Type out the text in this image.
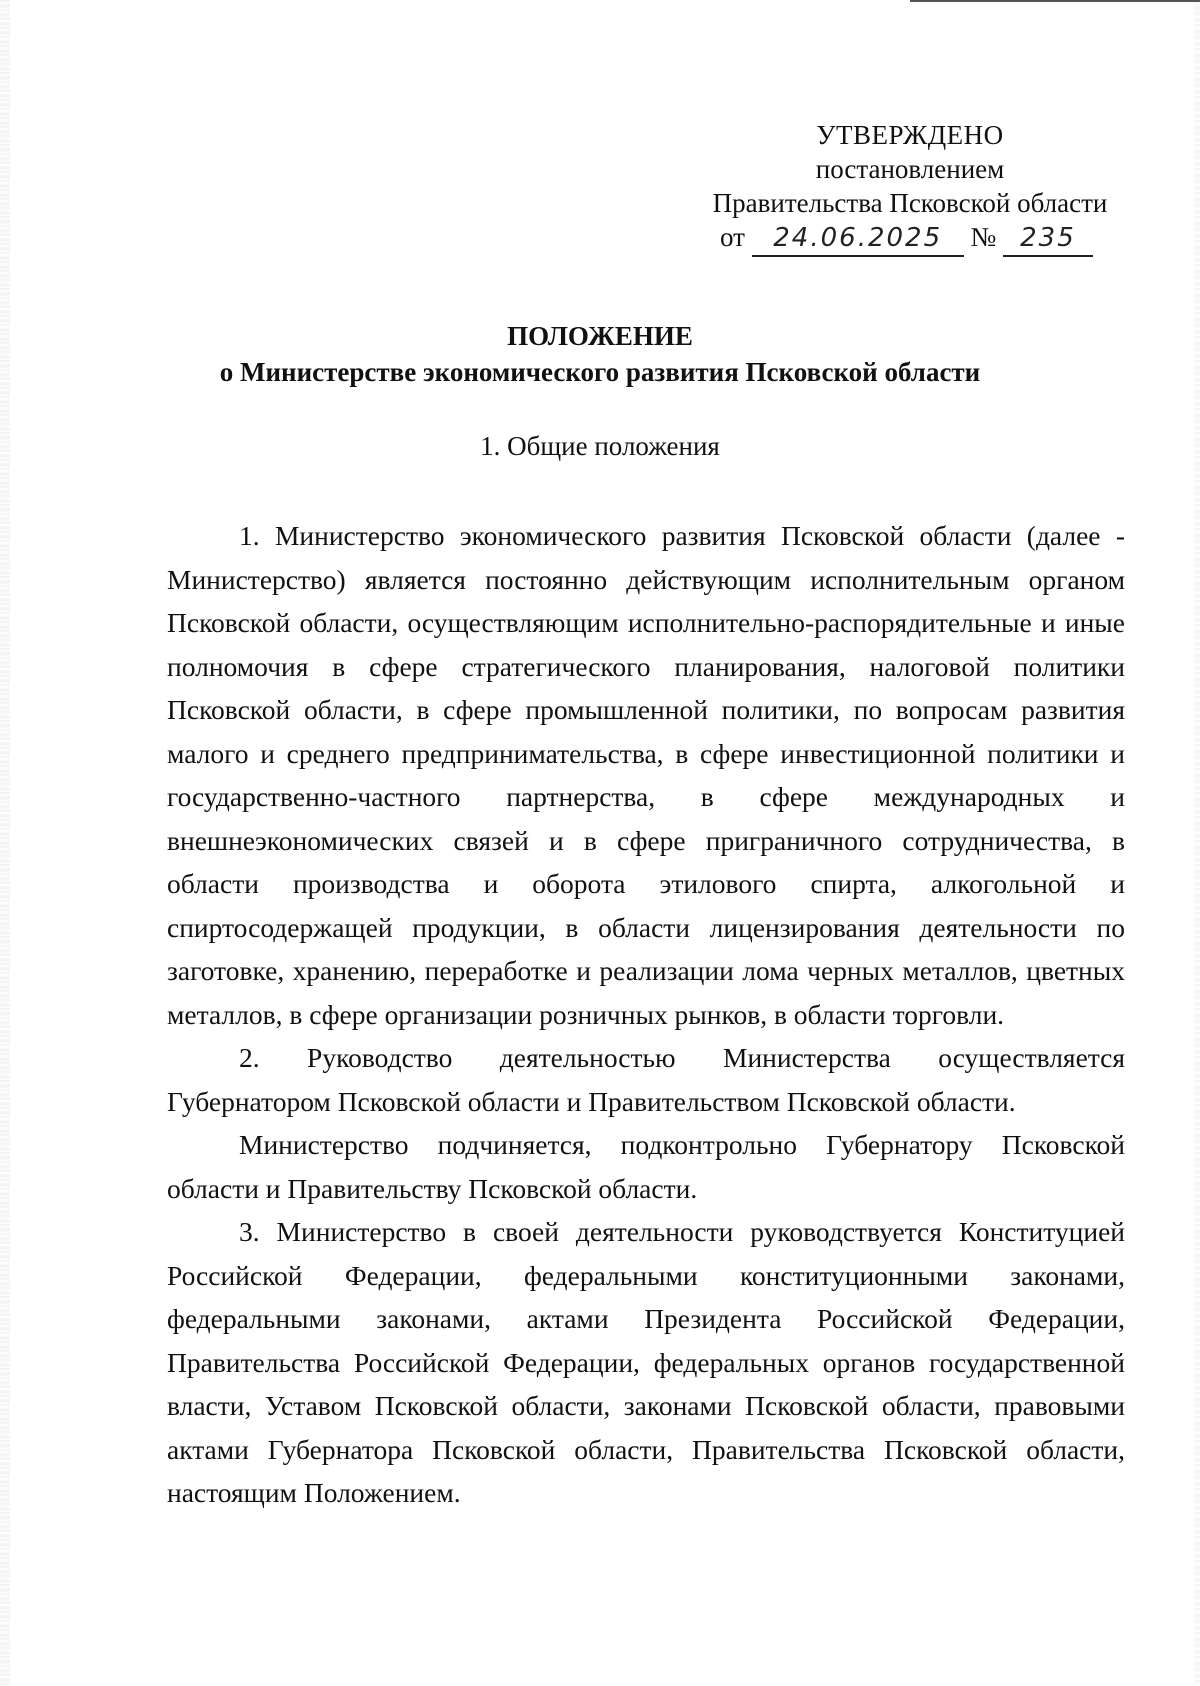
УТВЕРЖДЕНО
постановлением
Правительства Псковской области
от 24.06.2025 № 235
ПОЛОЖЕНИЕ
о Министерстве экономического развития Псковской области
1. Общие положения

1. Министерство экономического развития Псковской области (далее - Министерство) является постоянно действующим исполнительным органом Псковской области, осуществляющим исполнительно-распорядительные и иные полномочия в сфере стратегического планирования, налоговой политики Псковской области, в сфере промышленной политики, по вопросам развития малого и среднего предпринимательства, в сфере инвестиционной политики и государственно-частного партнерства, в сфере международных и внешнеэкономических связей и в сфере приграничного сотрудничества, в области производства и оборота этилового спирта, алкогольной и спиртосодержащей продукции, в области лицензирования деятельности по заготовке, хранению, переработке и реализации лома черных металлов, цветных металлов, в сфере организации розничных рынков, в области торговли.

2. Руководство деятельностью Министерства осуществляется Губернатором Псковской области и Правительством Псковской области.

Министерство подчиняется, подконтрольно Губернатору Псковской области и Правительству Псковской области.

3. Министерство в своей деятельности руководствуется Конституцией Российской Федерации, федеральными конституционными законами, федеральными законами, актами Президента Российской Федерации, Правительства Российской Федерации, федеральных органов государственной власти, Уставом Псковской области, законами Псковской области, правовыми актами Губернатора Псковской области, Правительства Псковской области, настоящим Положением.
